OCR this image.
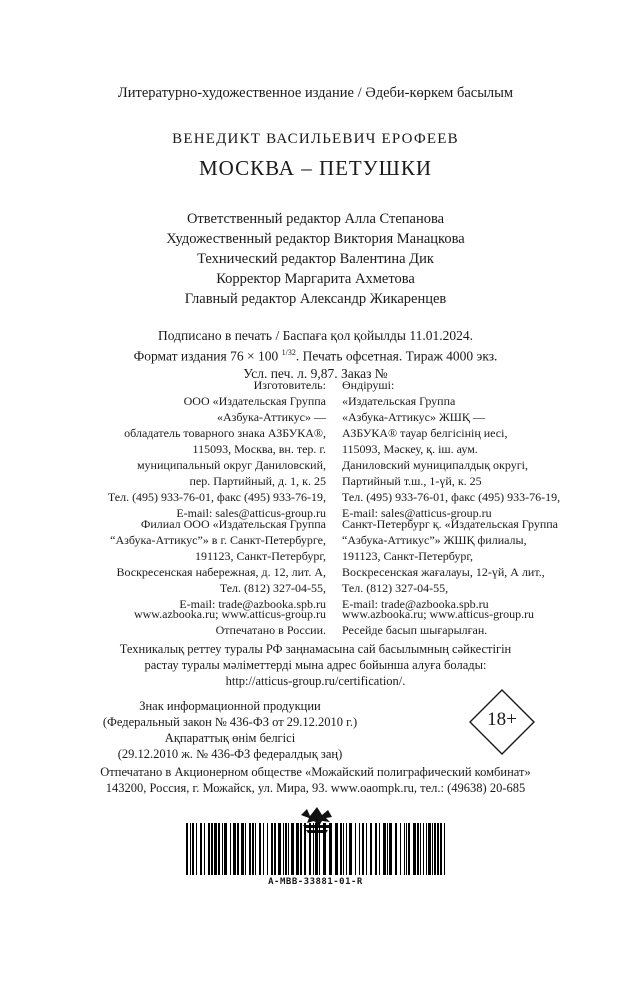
Литературно-художественное издание / Әдеби-көркем басылым
ВЕНЕДИКТ ВАСИЛЬЕВИЧ ЕРОФЕЕВ
МОСКВА – ПЕТУШКИ
Ответственный редактор Алла Степанова
Художественный редактор Виктория Манацкова
Технический редактор Валентина Дик
Корректор Маргарита Ахметова
Главный редактор Александр Жикаренцев
Подписано в печать / Баспаға қол қойылды 11.01.2024.
Формат издания 76 × 100 $^{1/32}$. Печать офсетная. Тираж 4000 экз.
Усл. печ. л. 9,87. Заказ №
Изготовитель:
ООО «Издательская Группа
«Азбука-Аттикус» —
обладатель товарного знака АЗБУКА®,
115093, Москва, вн. тер. г.
муниципальный округ Даниловский,
пер. Партийный, д. 1, к. 25
Тел. (495) 933-76-01, факс (495) 933-76-19,
E-mail: sales@atticus-group.ru
Өндіруші:
«Издательская Группа
«Азбука-Аттикус» ЖШҚ —
АЗБУКА® тауар белгісінің иесі,
115093, Мәскеу, қ. іш. аум.
Даниловский муниципалдық округі,
Партийный т.ш., 1-үй, к. 25
Тел. (495) 933-76-01, факс (495) 933-76-19,
E-mail: sales@atticus-group.ru
Филиал ООО «Издательская Группа
“Азбука-Аттикус”» в г. Санкт-Петербурге,
191123, Санкт-Петербург,
Воскресенская набережная, д. 12, лит. А,
Тел. (812) 327-04-55,
E-mail: trade@azbooka.spb.ru
Санкт-Петербург қ. «Издательская Группа
“Азбука-Аттикус”» ЖШҚ филиалы,
191123, Санкт-Петербург,
Воскресенская жағалауы, 12-үй, А лит.,
Тел. (812) 327-04-55,
E-mail: trade@azbooka.spb.ru
www.azbooka.ru; www.atticus-group.ru
Отпечатано в России.
www.azbooka.ru; www.atticus-group.ru
Ресейде басып шығарылған.
Техникалық реттеу туралы РФ заңнамасына сай басылымның сәйкестігін
растау туралы мәліметтерді мына адрес бойынша алуға болады:
http://atticus-group.ru/certification/.
Знак информационной продукции
(Федеральный закон № 436-ФЗ от 29.12.2010 г.)
Ақпараттық өнім белгісі
(29.12.2010 ж. № 436-ФЗ федералдық заң)
18+
Отпечатано в Акционерном обществе «Можайский полиграфический комбинат»
143200, Россия, г. Можайск, ул. Мира, 93. www.oaompk.ru, тел.: (49638) 20-685
A-MBB-33881-01-R
